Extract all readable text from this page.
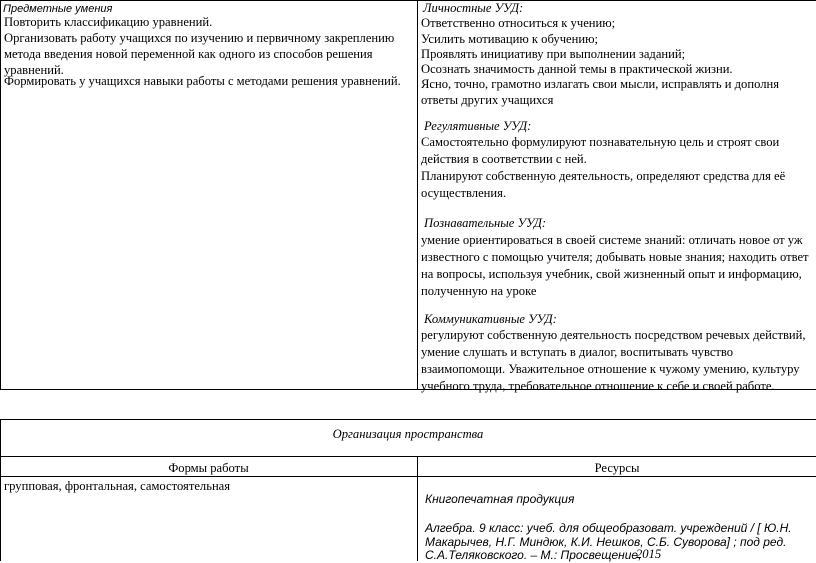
Предметные умения
Повторить классификацию уравнений.
Организовать работу учащихся по изучению и первичному закреплению
метода введения новой переменной как одного из способов решения
уравнений.
Формировать у учащихся навыки работы с методами решения уравнений.
Личностные УУД:
Ответственно относиться к учению;
Усилить мотивацию к обучению;
Проявлять инициативу при выполнении заданий;
Осознать значимость данной темы в практической жизни.
Ясно, точно, грамотно излагать свои мысли, исправлять и дополня
ответы других учащихся
Регулятивные УУД:
Самостоятельно формулируют познавательную цель и строят свои
действия в соответствии с ней.
Планируют собственную деятельность, определяют средства для её
осуществления.
Познавательные УУД:
умение ориентироваться в своей системе знаний: отличать новое от уж
известного с помощью учителя; добывать новые знания; находить ответ
на вопросы, используя учебник, свой жизненный опыт и информацию,
полученную на уроке
Коммуникативные УУД:
регулируют собственную деятельность посредством речевых действий,
умение слушать и вступать в диалог, воспитывать чувство
взаимопомощи. Уважительное отношение к чужому умению, культуру
учебного труда, требовательное отношение к себе и своей работе.
Организация пространства
Формы работы	Ресурсы
групповая, фронтальная, самостоятельная
Книгопечатная продукция
Алгебра. 9 класс: учеб. для общеобразоват. учреждений / [ Ю.Н.
Макарычев, Н.Г. Миндюк, К.И. Нешков, С.Б. Суворова] ; под ред.
С.А.Теляковского. – М.: Просвещение,
2015
